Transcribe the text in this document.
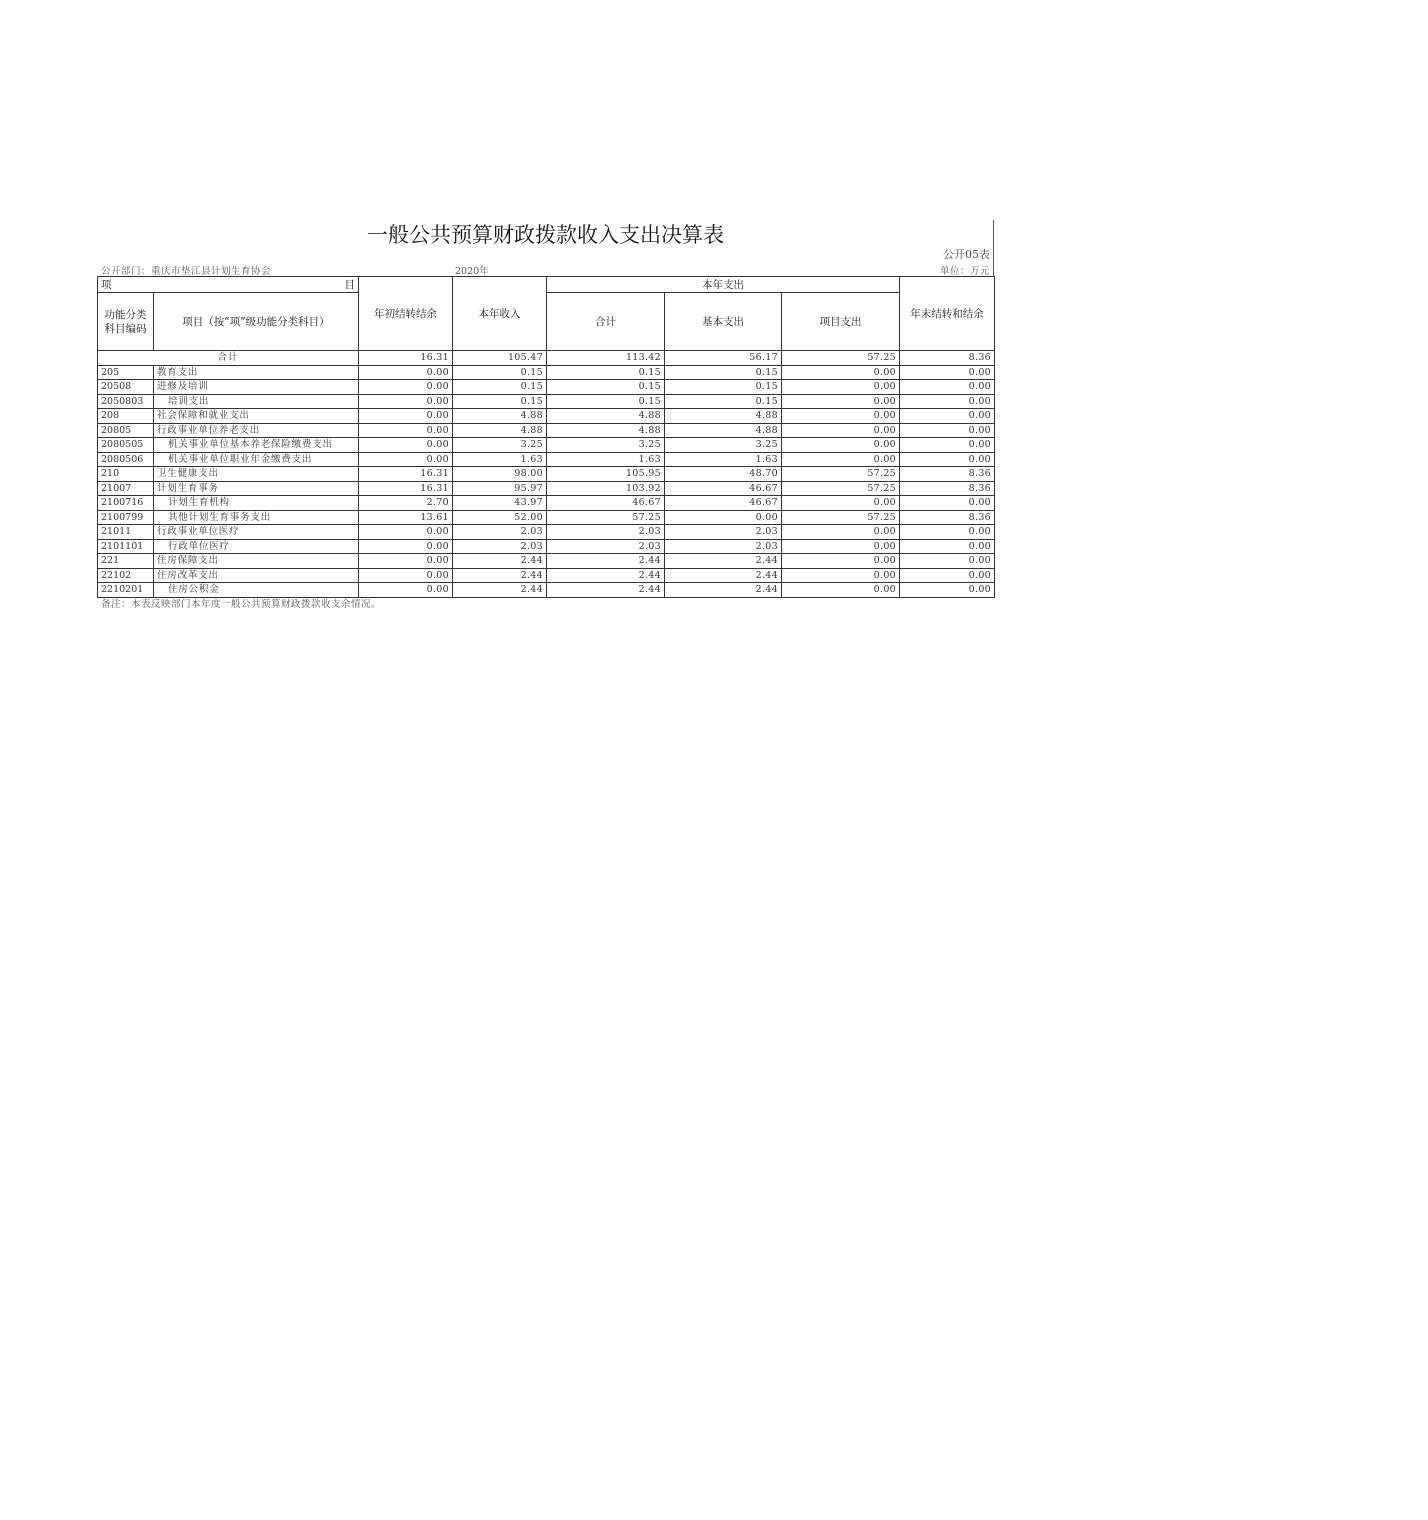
一般公共预算财政拨款收入支出决算表
公开05表
公开部门：重庆市垫江县计划生育协会	2020年	单位：万元
项 目		年初结转结余	本年收入	本年支出			年末结转和结余
功能分类科目编码	项目（按“项”级功能分类科目）			合计	基本支出	项目支出	
合计		16.31	105.47	113.42	56.17	57.25	8.36
205	教育支出	0.00	0.15	0.15	0.15	0.00	0.00
20508	进修及培训	0.00	0.15	0.15	0.15	0.00	0.00
2050803	培训支出	0.00	0.15	0.15	0.15	0.00	0.00
208	社会保障和就业支出	0.00	4.88	4.88	4.88	0.00	0.00
20805	行政事业单位养老支出	0.00	4.88	4.88	4.88	0.00	0.00
2080505	机关事业单位基本养老保险缴费支出	0.00	3.25	3.25	3.25	0.00	0.00
2080506	机关事业单位职业年金缴费支出	0.00	1.63	1.63	1.63	0.00	0.00
210	卫生健康支出	16.31	98.00	105.95	48.70	57.25	8.36
21007	计划生育事务	16.31	95.97	103.92	46.67	57.25	8.36
2100716	计划生育机构	2.70	43.97	46.67	46.67	0.00	0.00
2100799	其他计划生育事务支出	13.61	52.00	57.25	0.00	57.25	8.36
21011	行政事业单位医疗	0.00	2.03	2.03	2.03	0.00	0.00
2101101	行政单位医疗	0.00	2.03	2.03	2.03	0.00	0.00
221	住房保障支出	0.00	2.44	2.44	2.44	0.00	0.00
22102	住房改革支出	0.00	2.44	2.44	2.44	0.00	0.00
2210201	住房公积金	0.00	2.44	2.44	2.44	0.00	0.00
备注：本表反映部门本年度一般公共预算财政拨款收支余情况。
